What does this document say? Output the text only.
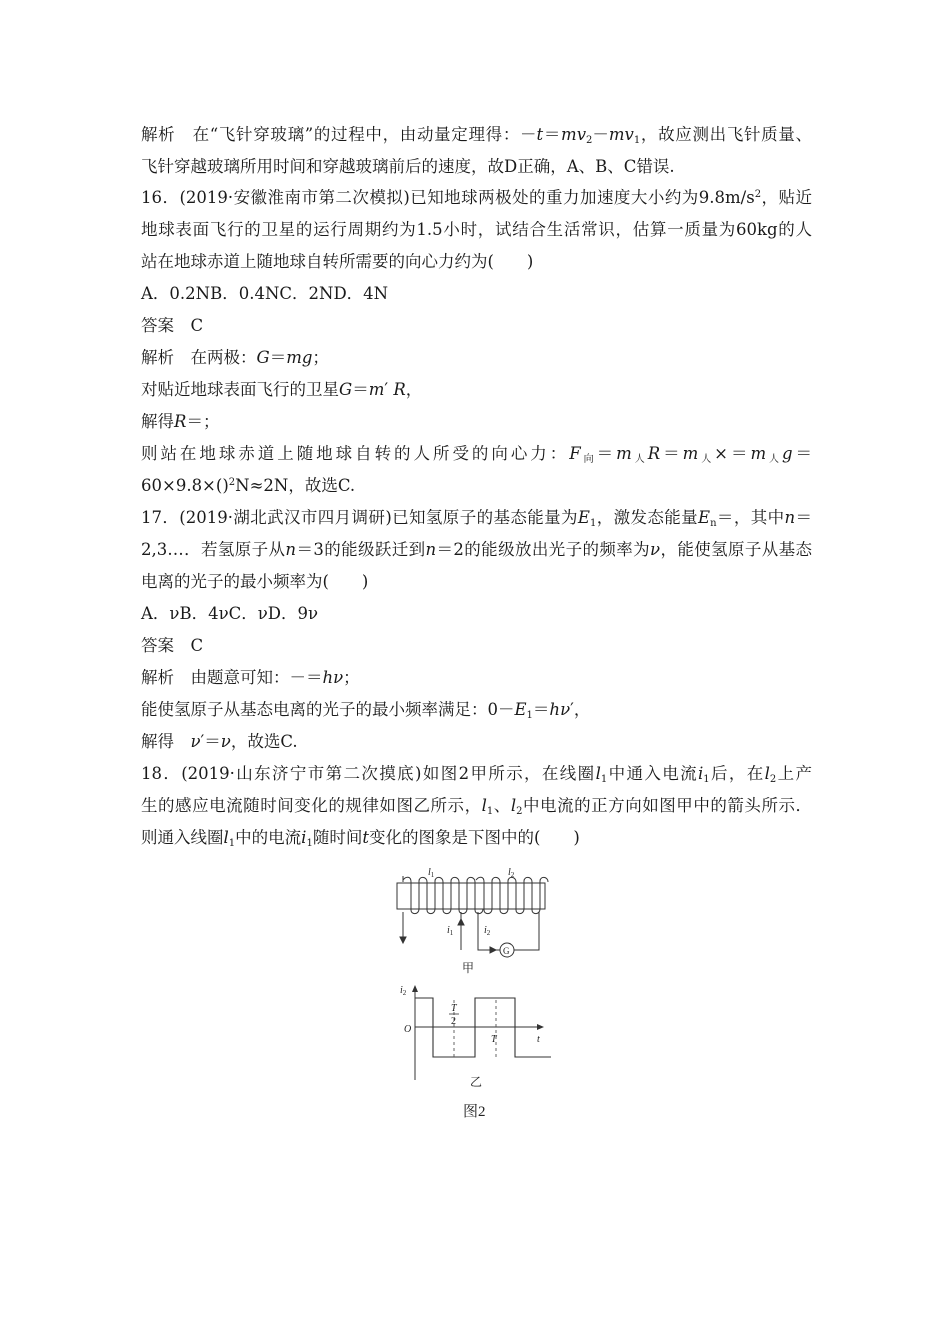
解析　 在“飞针穿玻璃”的过程中，由动量定理得：$-t=mv_2-mv_1$，故应测出飞针质量、
飞针穿越玻璃所用时间和穿越玻璃前后的速度，故D正确，A、B、C错误.
16．(2019·安徽淮南市第二次模拟)已知地球两极处的重力加速度大小约为$9.8m/s^2$，贴近
地球表面飞行的卫星的运行周期约为1.5小时，试结合生活常识，估算一质量为60kg的人
站在地球赤道上随地球自转所需要的向心力约为(　　)
A．0.2NB．0.4NC．2ND．4N
答案　 C
解析　 在两极：G＝mg；
对贴近地球表面飞行的卫星G＝m′ R，
解得R＝；
则站在地球赤道上随地球自转的人所受的向心力：$F_向=m_人R=m_人\times=m_人g=$
60×9.8×()$^2$N≈2N，故选C.
17．(2019·湖北武汉市四月调研)已知氢原子的基态能量为$E_1$，激发态能量$E_n=$，其中n＝
2,3…．若氢原子从n＝3的能级跃迁到n＝2的能级放出光子的频率为ν，能使氢原子从基态
电离的光子的最小频率为(　　)
A．νB．4νC．νD．9ν
答案　 C
解析　 由题意可知：－＝hν；
能使氢原子从基态电离的光子的最小频率满足：$0-E_1=h\nu'$，
解得　 ν′＝ν，故选C.
18．(2019·山东济宁市第二次摸底)如图2甲所示，在线圈$l_1$中通入电流$i_1$后，在$l_2$上产
生的感应电流随时间变化的规律如图乙所示，$l_1$、$l_2$中电流的正方向如图甲中的箭头所示．
则通入线圈$l_1$中的电流$i_1$随时间t变化的图象是下图中的(　　)
$l_1$	$l_2$
$i_1$	$i_2$
G
甲
$i_2$
O
T
2
T	t
乙
图2
